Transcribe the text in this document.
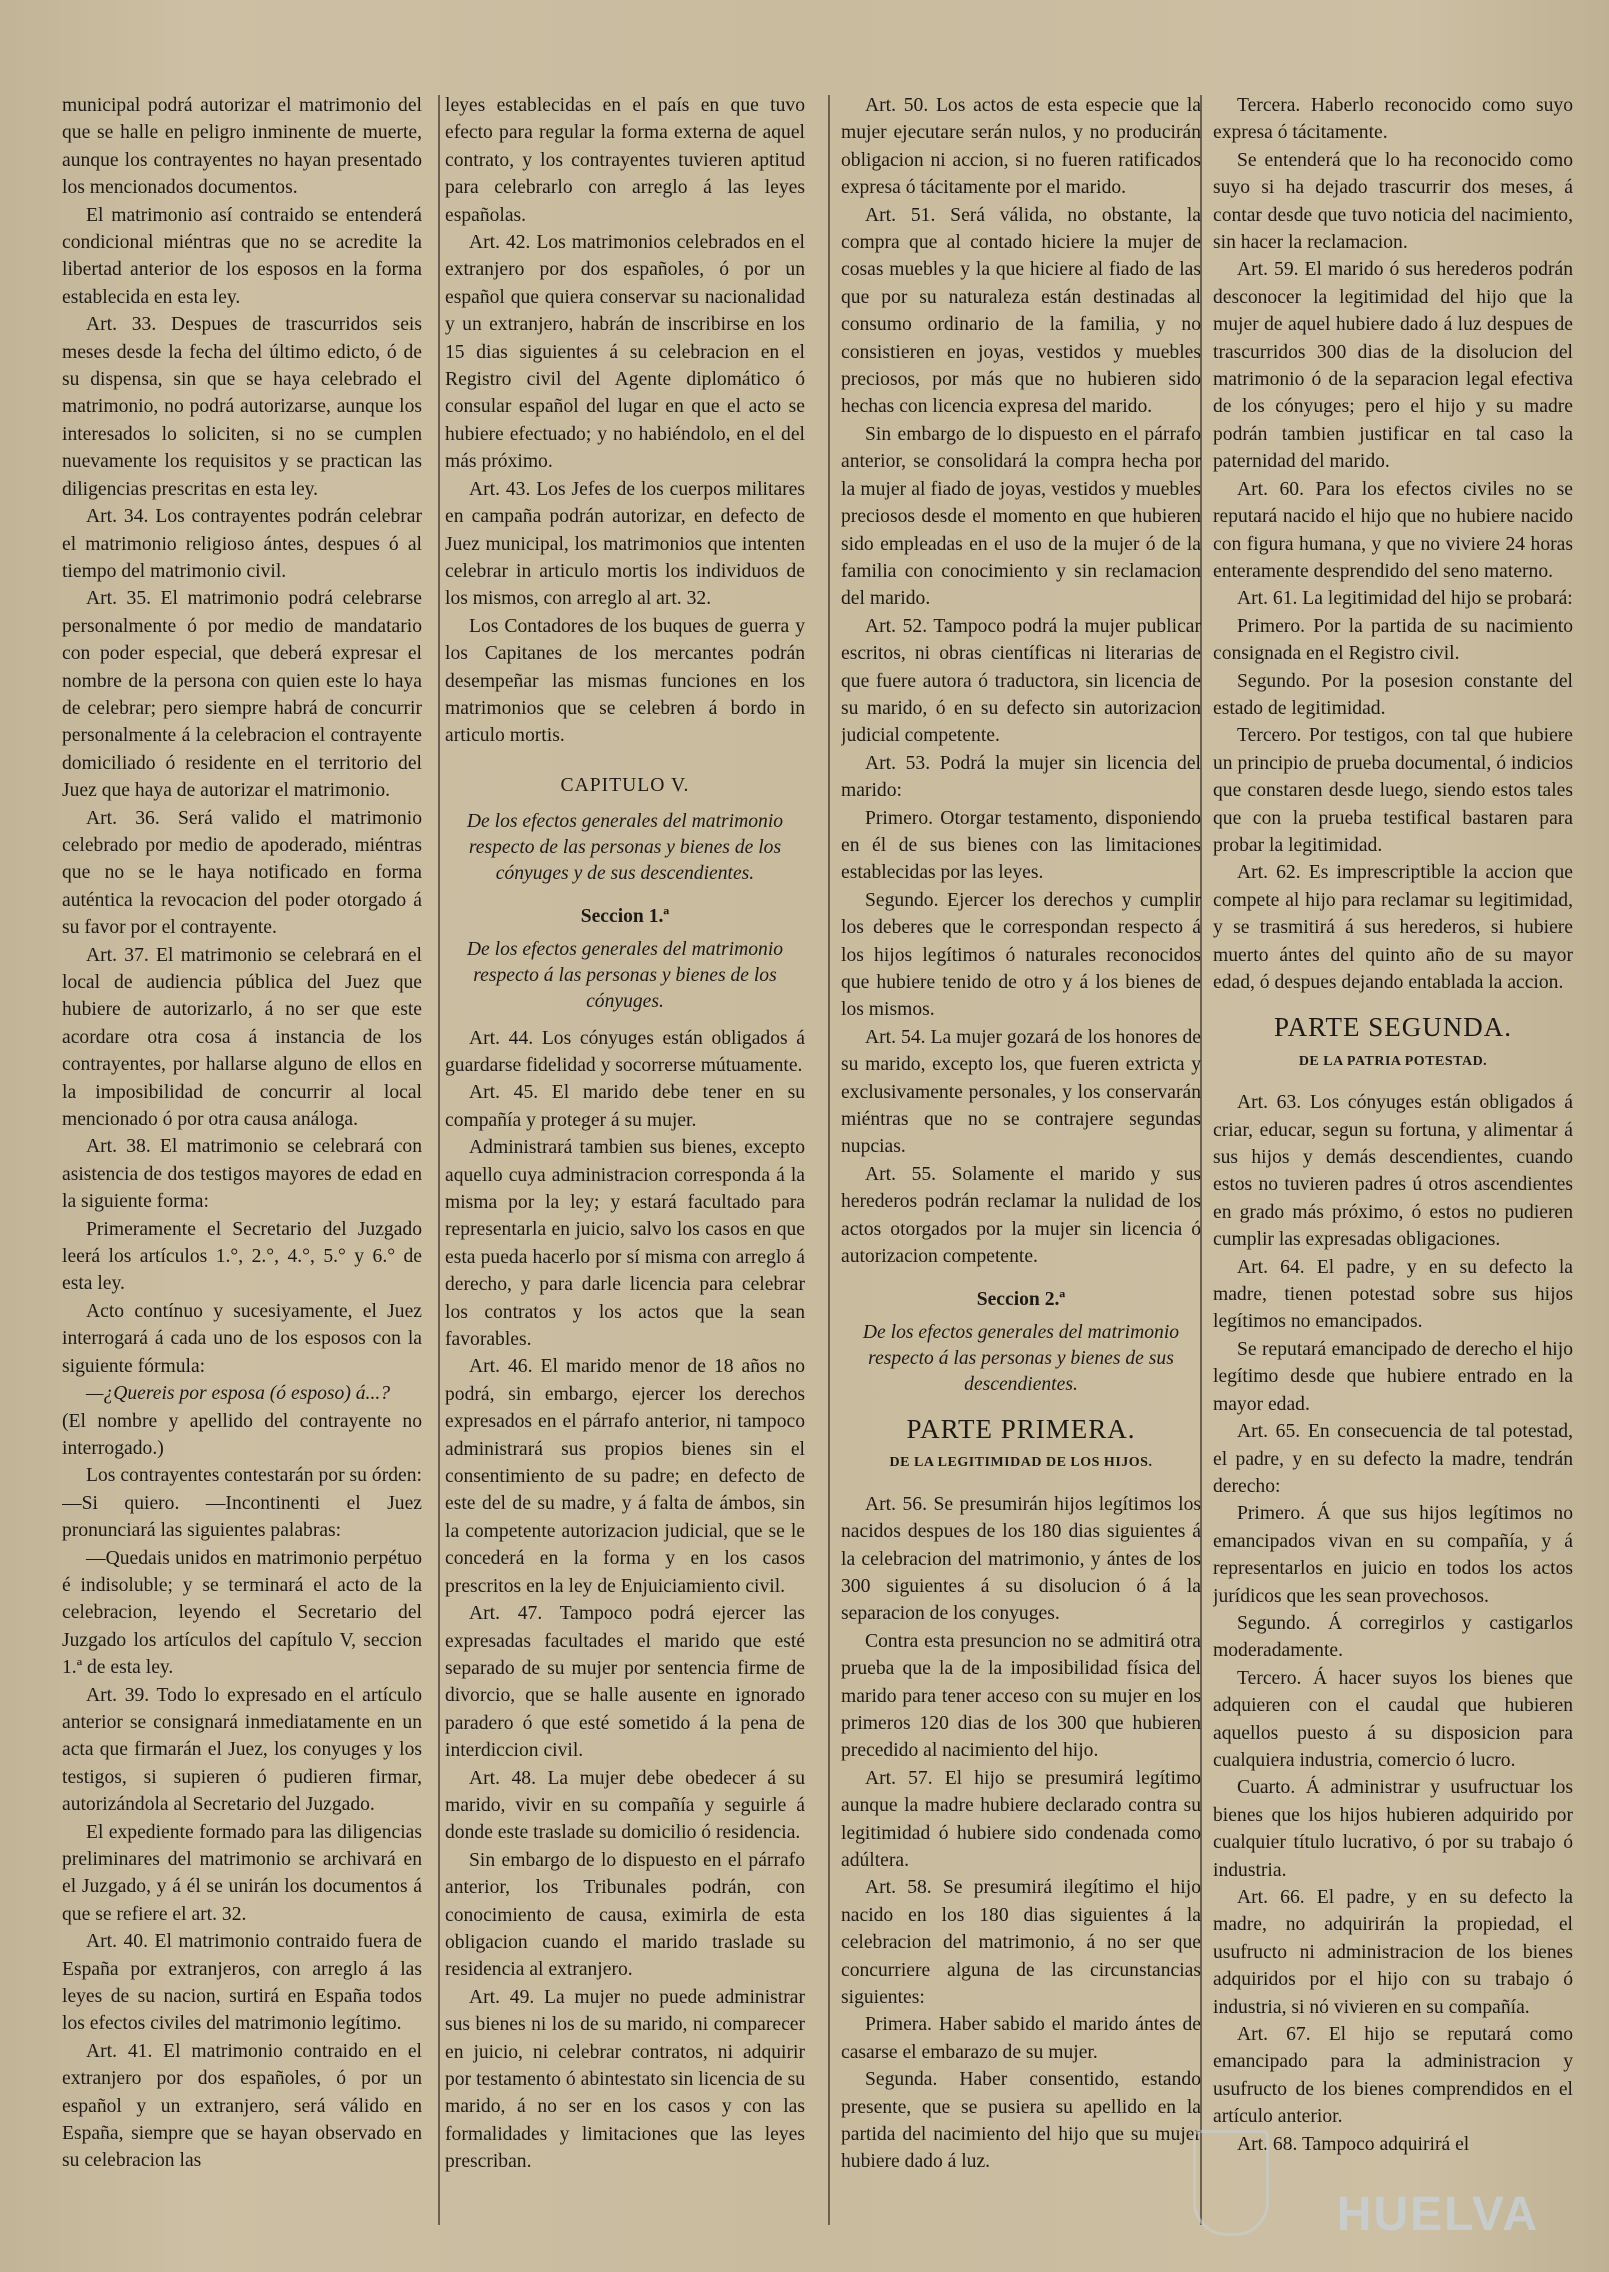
municipal podrá autorizar el matrimonio del que se halle en peligro inminente de muerte, aunque los contrayentes no hayan presentado los mencionados documentos.

El matrimonio así contraido se entenderá condicional miéntras que no se acredite la libertad anterior de los esposos en la forma establecida en esta ley.

Art. 33. Despues de trascurridos seis meses desde la fecha del último edicto, ó de su dispensa, sin que se haya celebrado el matrimonio, no podrá autorizarse, aunque los interesados lo soliciten, si no se cumplen nuevamente los requisitos y se practican las diligencias prescritas en esta ley.

Art. 34. Los contrayentes podrán celebrar el matrimonio religioso ántes, despues ó al tiempo del matrimonio civil.

Art. 35. El matrimonio podrá celebrarse personalmente ó por medio de mandatario con poder especial, que deberá expresar el nombre de la persona con quien este lo haya de celebrar; pero siempre habrá de concurrir personalmente á la celebracion el contrayente domiciliado ó residente en el territorio del Juez que haya de autorizar el matrimonio.

Art. 36. Será valido el matrimonio celebrado por medio de apoderado, miéntras que no se le haya notificado en forma auténtica la revocacion del poder otorgado á su favor por el contrayente.

Art. 37. El matrimonio se celebrará en el local de audiencia pública del Juez que hubiere de autorizarlo, á no ser que este acordare otra cosa á instancia de los contrayentes, por hallarse alguno de ellos en la imposibilidad de concurrir al local mencionado ó por otra causa análoga.

Art. 38. El matrimonio se celebrará con asistencia de dos testigos mayores de edad en la siguiente forma:

Primeramente el Secretario del Juzgado leerá los artículos 1.°, 2.°, 4.°, 5.° y 6.° de esta ley.

Acto contínuo y sucesiyamente, el Juez interrogará á cada uno de los esposos con la siguiente fórmula:

—¿Quereis por esposa (ó esposo) á...?

(El nombre y apellido del contrayente no interrogado.)

Los contrayentes contestarán por su órden: —Si quiero. —Incontinenti el Juez pronunciará las siguientes palabras:

—Quedais unidos en matrimonio perpétuo é indisoluble; y se terminará el acto de la celebracion, leyendo el Secretario del Juzgado los artículos del capítulo V, seccion 1.ª de esta ley.

Art. 39. Todo lo expresado en el artículo anterior se consignará inmediatamente en un acta que firmarán el Juez, los conyuges y los testigos, si supieren ó pudieren firmar, autorizándola al Secretario del Juzgado.

El expediente formado para las diligencias preliminares del matrimonio se archivará en el Juzgado, y á él se unirán los documentos á que se refiere el art. 32.

Art. 40. El matrimonio contraido fuera de España por extranjeros, con arreglo á las leyes de su nacion, surtirá en España todos los efectos civiles del matrimonio legítimo.

Art. 41. El matrimonio contraido en el extranjero por dos españoles, ó por un español y un extranjero, será válido en España, siempre que se hayan observado en su celebracion las

leyes establecidas en el país en que tuvo efecto para regular la forma externa de aquel contrato, y los contrayentes tuvieren aptitud para celebrarlo con arreglo á las leyes españolas.

Art. 42. Los matrimonios celebrados en el extranjero por dos españoles, ó por un español que quiera conservar su nacionalidad y un extranjero, habrán de inscribirse en los 15 dias siguientes á su celebracion en el Registro civil del Agente diplomático ó consular español del lugar en que el acto se hubiere efectuado; y no habiéndolo, en el del más próximo.

Art. 43. Los Jefes de los cuerpos militares en campaña podrán autorizar, en defecto de Juez municipal, los matrimonios que intenten celebrar in articulo mortis los individuos de los mismos, con arreglo al art. 32.

Los Contadores de los buques de guerra y los Capitanes de los mercantes podrán desempeñar las mismas funciones en los matrimonios que se celebren á bordo in articulo mortis.

CAPITULO V.
De los efectos generales del matrimonio respecto de las personas y bienes de los cónyuges y de sus descendientes.
Seccion 1.ª
De los efectos generales del matrimonio respecto á las personas y bienes de los cónyuges.

Art. 44. Los cónyuges están obligados á guardarse fidelidad y socorrerse mútuamente.

Art. 45. El marido debe tener en su compañía y proteger á su mujer.

Administrará tambien sus bienes, excepto aquello cuya administracion corresponda á la misma por la ley; y estará facultado para representarla en juicio, salvo los casos en que esta pueda hacerlo por sí misma con arreglo á derecho, y para darle licencia para celebrar los contratos y los actos que la sean favorables.

Art. 46. El marido menor de 18 años no podrá, sin embargo, ejercer los derechos expresados en el párrafo anterior, ni tampoco administrará sus propios bienes sin el consentimiento de su padre; en defecto de este del de su madre, y á falta de ámbos, sin la competente autorizacion judicial, que se le concederá en la forma y en los casos prescritos en la ley de Enjuiciamiento civil.

Art. 47. Tampoco podrá ejercer las expresadas facultades el marido que esté separado de su mujer por sentencia firme de divorcio, que se halle ausente en ignorado paradero ó que esté sometido á la pena de interdiccion civil.

Art. 48. La mujer debe obedecer á su marido, vivir en su compañía y seguirle á donde este traslade su domicilio ó residencia.

Sin embargo de lo dispuesto en el párrafo anterior, los Tribunales podrán, con conocimiento de causa, eximirla de esta obligacion cuando el marido traslade su residencia al extranjero.

Art. 49. La mujer no puede administrar sus bienes ni los de su marido, ni comparecer en juicio, ni celebrar contratos, ni adquirir por testamento ó abintestato sin licencia de su marido, á no ser en los casos y con las formalidades y limitaciones que las leyes prescriban.

Art. 50. Los actos de esta especie que la mujer ejecutare serán nulos, y no producirán obligacion ni accion, si no fueren ratificados expresa ó tácitamente por el marido.

Art. 51. Será válida, no obstante, la compra que al contado hiciere la mujer de cosas muebles y la que hiciere al fiado de las que por su naturaleza están destinadas al consumo ordinario de la familia, y no consistieren en joyas, vestidos y muebles preciosos, por más que no hubieren sido hechas con licencia expresa del marido.

Sin embargo de lo dispuesto en el párrafo anterior, se consolidará la compra hecha por la mujer al fiado de joyas, vestidos y muebles preciosos desde el momento en que hubieren sido empleadas en el uso de la mujer ó de la familia con conocimiento y sin reclamacion del marido.

Art. 52. Tampoco podrá la mujer publicar escritos, ni obras científicas ni literarias de que fuere autora ó traductora, sin licencia de su marido, ó en su defecto sin autorizacion judicial competente.

Art. 53. Podrá la mujer sin licencia del marido:

Primero. Otorgar testamento, disponiendo en él de sus bienes con las limitaciones establecidas por las leyes.

Segundo. Ejercer los derechos y cumplir los deberes que le correspondan respecto á los hijos legítimos ó naturales reconocidos que hubiere tenido de otro y á los bienes de los mismos.

Art. 54. La mujer gozará de los honores de su marido, excepto los, que fueren extricta y exclusivamente personales, y los conservarán miéntras que no se contrajere segundas nupcias.

Art. 55. Solamente el marido y sus herederos podrán reclamar la nulidad de los actos otorgados por la mujer sin licencia ó autorizacion competente.

Seccion 2.ª
De los efectos generales del matrimonio respecto á las personas y bienes de sus descendientes.
PARTE PRIMERA.
DE LA LEGITIMIDAD DE LOS HIJOS.

Art. 56. Se presumirán hijos legítimos los nacidos despues de los 180 dias siguientes á la celebracion del matrimonio, y ántes de los 300 siguientes á su disolucion ó á la separacion de los conyuges.

Contra esta presuncion no se admitirá otra prueba que la de la imposibilidad física del marido para tener acceso con su mujer en los primeros 120 dias de los 300 que hubieren precedido al nacimiento del hijo.

Art. 57. El hijo se presumirá legítimo aunque la madre hubiere declarado contra su legitimidad ó hubiere sido condenada como adúltera.

Art. 58. Se presumirá ilegítimo el hijo nacido en los 180 dias siguientes á la celebracion del matrimonio, á no ser que concurriere alguna de las circunstancias siguientes:

Primera. Haber sabido el marido ántes de casarse el embarazo de su mujer.

Segunda. Haber consentido, estando presente, que se pusiera su apellido en la partida del nacimiento del hijo que su mujer hubiere dado á luz.

Tercera. Haberlo reconocido como suyo expresa ó tácitamente.

Se entenderá que lo ha reconocido como suyo si ha dejado trascurrir dos meses, á contar desde que tuvo noticia del nacimiento, sin hacer la reclamacion.

Art. 59. El marido ó sus herederos podrán desconocer la legitimidad del hijo que la mujer de aquel hubiere dado á luz despues de trascurridos 300 dias de la disolucion del matrimonio ó de la separacion legal efectiva de los cónyuges; pero el hijo y su madre podrán tambien justificar en tal caso la paternidad del marido.

Art. 60. Para los efectos civiles no se reputará nacido el hijo que no hubiere nacido con figura humana, y que no viviere 24 horas enteramente desprendido del seno materno.

Art. 61. La legitimidad del hijo se probará:

Primero. Por la partida de su nacimiento consignada en el Registro civil.

Segundo. Por la posesion constante del estado de legitimidad.

Tercero. Por testigos, con tal que hubiere un principio de prueba documental, ó indicios que constaren desde luego, siendo estos tales que con la prueba testifical bastaren para probar la legitimidad.

Art. 62. Es imprescriptible la accion que compete al hijo para reclamar su legitimidad, y se trasmitirá á sus herederos, si hubiere muerto ántes del quinto año de su mayor edad, ó despues dejando entablada la accion.

PARTE SEGUNDA.
DE LA PATRIA POTESTAD.

Art. 63. Los cónyuges están obligados á criar, educar, segun su fortuna, y alimentar á sus hijos y demás descendientes, cuando estos no tuvieren padres ú otros ascendientes en grado más próximo, ó estos no pudieren cumplir las expresadas obligaciones.

Art. 64. El padre, y en su defecto la madre, tienen potestad sobre sus hijos legítimos no emancipados.

Se reputará emancipado de derecho el hijo legítimo desde que hubiere entrado en la mayor edad.

Art. 65. En consecuencia de tal potestad, el padre, y en su defecto la madre, tendrán derecho:

Primero. Á que sus hijos legítimos no emancipados vivan en su compañía, y á representarlos en juicio en todos los actos jurídicos que les sean provechosos.

Segundo. Á corregirlos y castigarlos moderadamente.

Tercero. Á hacer suyos los bienes que adquieren con el caudal que hubieren aquellos puesto á su disposicion para cualquiera industria, comercio ó lucro.

Cuarto. Á administrar y usufructuar los bienes que los hijos hubieren adquirido por cualquier título lucrativo, ó por su trabajo ó industria.

Art. 66. El padre, y en su defecto la madre, no adquirirán la propiedad, el usufructo ni administracion de los bienes adquiridos por el hijo con su trabajo ó industria, si nó vivieren en su compañía.

Art. 67. El hijo se reputará como emancipado para la administracion y usufructo de los bienes comprendidos en el artículo anterior.

Art. 68. Tampoco adquirirá el

HUELVA
